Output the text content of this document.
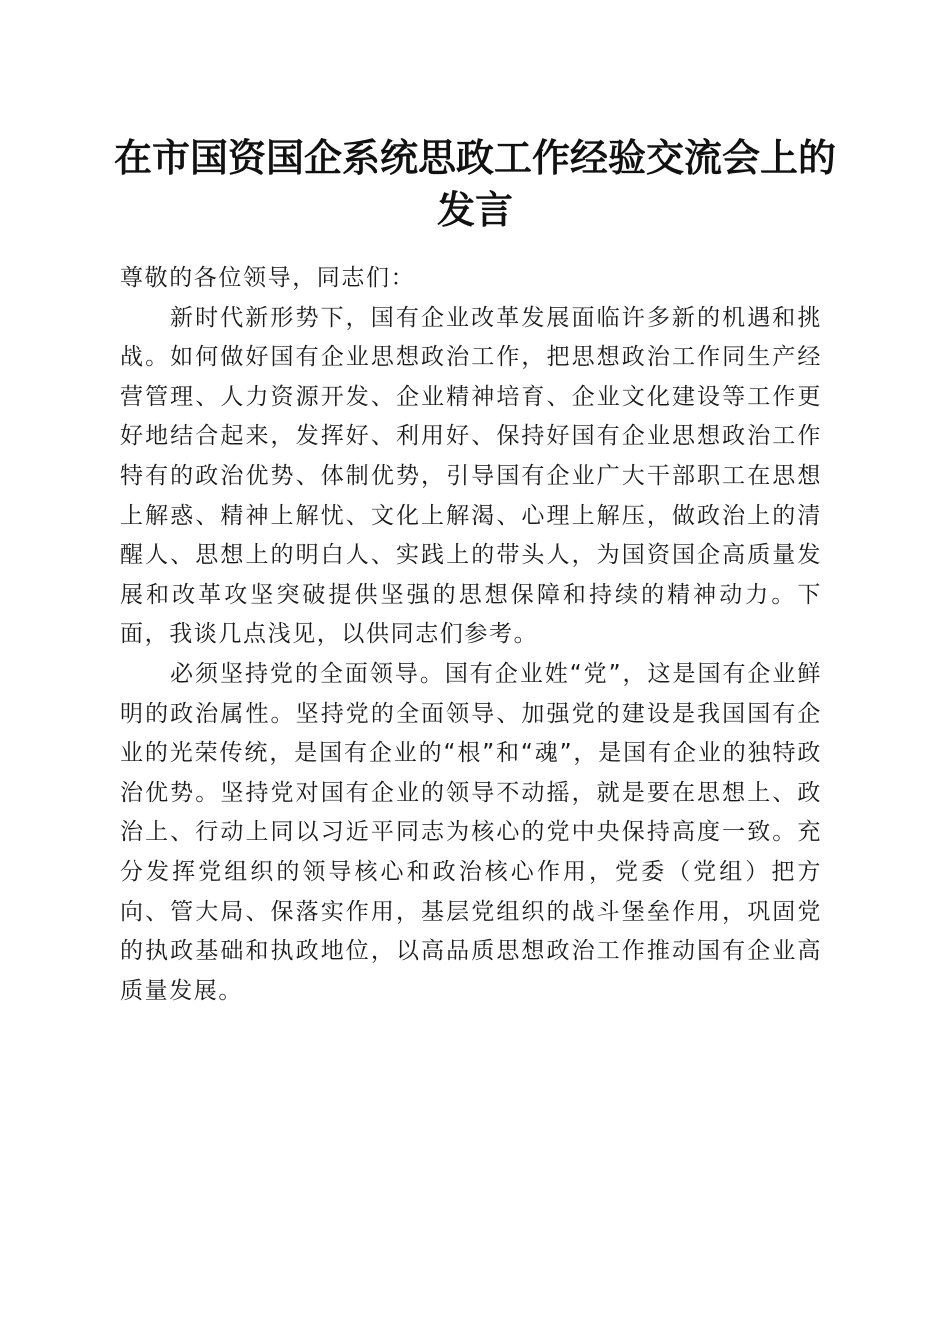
在市国资国企系统思政工作经验交流会上的发言

尊敬的各位领导，同志们：

新时代新形势下，国有企业改革发展面临许多新的机遇和挑战。如何做好国有企业思想政治工作，把思想政治工作同生产经营管理、人力资源开发、企业精神培育、企业文化建设等工作更好地结合起来，发挥好、利用好、保持好国有企业思想政治工作特有的政治优势、体制优势，引导国有企业广大干部职工在思想上解惑、精神上解忧、文化上解渴、心理上解压，做政治上的清醒人、思想上的明白人、实践上的带头人，为国资国企高质量发展和改革攻坚突破提供坚强的思想保障和持续的精神动力。下面，我谈几点浅见，以供同志们参考。

必须坚持党的全面领导。国有企业姓“党”，这是国有企业鲜明的政治属性。坚持党的全面领导、加强党的建设是我国国有企业的光荣传统，是国有企业的“根”和“魂”，是国有企业的独特政治优势。坚持党对国有企业的领导不动摇，就是要在思想上、政治上、行动上同以习近平同志为核心的党中央保持高度一致。充分发挥党组织的领导核心和政治核心作用，党委（党组）把方向、管大局、保落实作用，基层党组织的战斗堡垒作用，巩固党的执政基础和执政地位，以高品质思想政治工作推动国有企业高质量发展。
